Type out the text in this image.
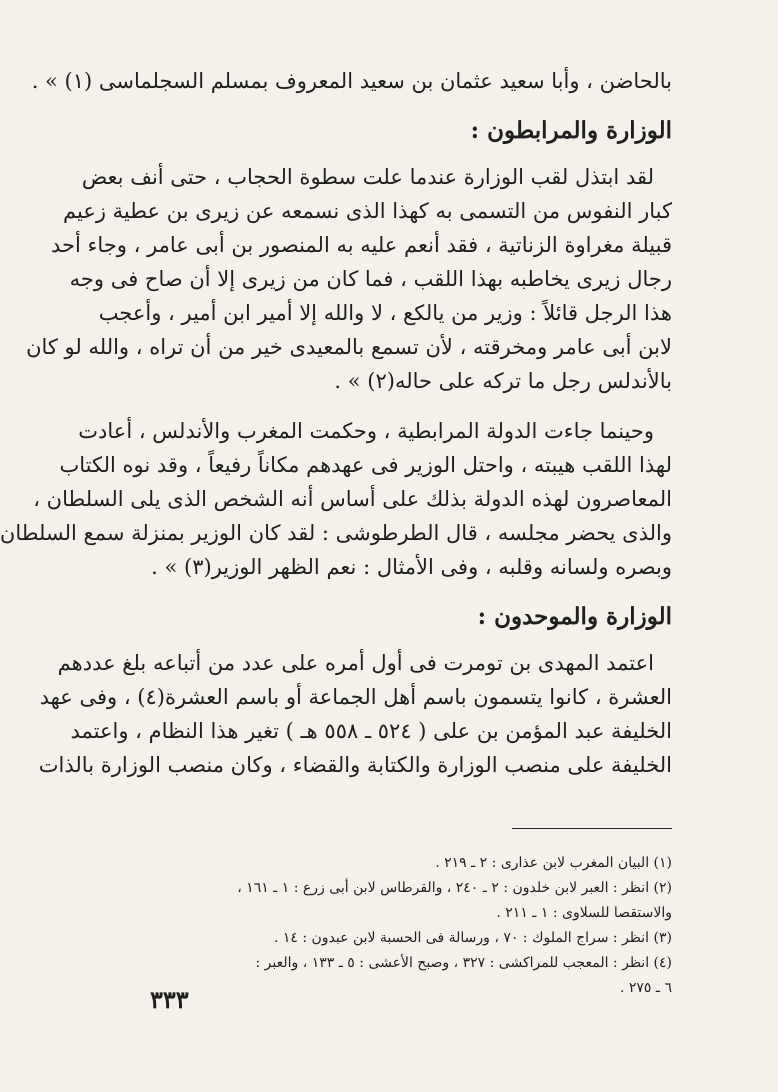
بالحاضن ، وأبا سعيد عثمان بن سعيد المعروف بمسلم السجلماسى (١) » .
الوزارة والمرابطون :
لقد ابتذل لقب الوزارة عندما علت سطوة الحجاب ، حتى أنف بعض
كبار النفوس من التسمى به كهذا الذى نسمعه عن زيرى بن عطية زعيم
قبيلة مغراوة الزناتية ، فقد أنعم عليه به المنصور بن أبى عامر ، وجاء أحد
رجال زيرى يخاطبه بهذا اللقب ، فما كان من زيرى إلا أن صاح فى وجه
هذا الرجل قائلاً : وزير من يالكع ، لا والله إلا أمير ابن أمير ، وأعجب
لابن أبى عامر ومخرقته ، لأن تسمع بالمعيدى خير من أن تراه ، والله لو كان
بالأندلس رجل ما تركه على حاله(٢) » .
وحينما جاءت الدولة المرابطية ، وحكمت المغرب والأندلس ، أعادت
لهذا اللقب هيبته ، واحتل الوزير فى عهدهم مكاناً رفيعاً ، وقد نوه الكتاب
المعاصرون لهذه الدولة بذلك على أساس أنه الشخص الذى يلى السلطان ،
والذى يحضر مجلسه ، قال الطرطوشى : لقد كان الوزير بمنزلة سمع السلطان
وبصره ولسانه وقلبه ، وفى الأمثال : نعم الظهر الوزير(٣) » .
الوزارة والموحدون :
اعتمد المهدى بن تومرت فى أول أمره على عدد من أتباعه بلغ عددهم
العشرة ، كانوا يتسمون باسم أهل الجماعة أو باسم العشرة(٤) ، وفى عهد
الخليفة عبد المؤمن بن على ( ٥٢٤ ـ ٥٥٨ هـ ) تغير هذا النظام ، واعتمد
الخليفة على منصب الوزارة والكتابة والقضاء ، وكان منصب الوزارة بالذات
(١) البيان المغرب لابن عذارى : ٢ ـ ٢١٩ .
(٢) انظر : العبر لابن خلدون : ٢ ـ ٢٤٠ ، والقرطاس لابن أبى زرع : ١ ـ ١٦١ ،
والاستقصا للسلاوى : ١ ـ ٢١١ .
(٣) انظر : سراج الملوك : ٧٠ ، ورسالة فى الحسبة لابن عبدون : ١٤ .
(٤) انظر : المعجب للمراكشى : ٣٢٧ ، وصبح الأعشى : ٥ ـ ١٣٣ ، والعبر :
٦ ـ ٢٧٥ .
٣٣٣
